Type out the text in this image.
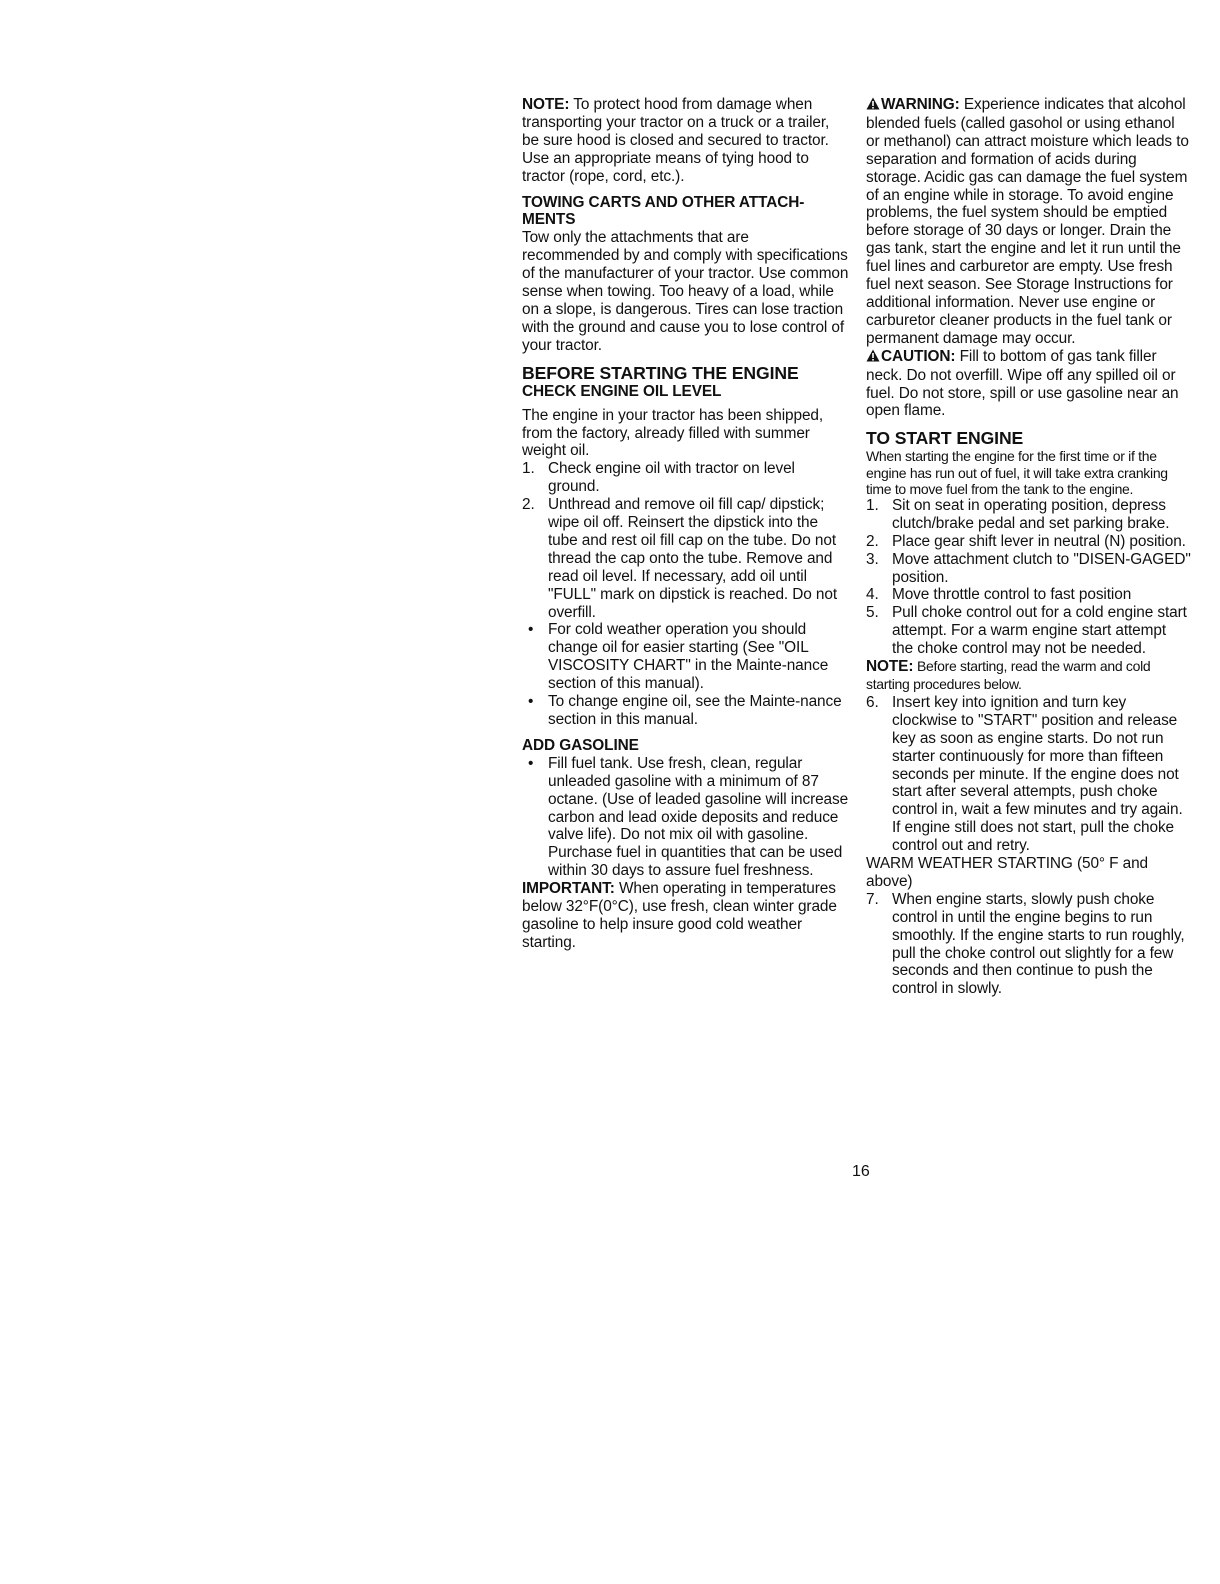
NOTE: To protect hood from damage when transporting your tractor on a truck or a trailer, be sure hood is closed and secured to tractor. Use an appropriate means of tying hood to tractor (rope, cord, etc.).

TOWING CARTS AND OTHER ATTACH-MENTS

Tow only the attachments that are recommended by and comply with specifications of the manufacturer of your tractor. Use common sense when towing. Too heavy of a load, while on a slope, is dangerous. Tires can lose traction with the ground and cause you to lose control of your tractor.

BEFORE STARTING THE ENGINE
CHECK ENGINE OIL LEVEL

The engine in your tractor has been shipped, from the factory, already filled with summer weight oil.

1. Check engine oil with tractor on level ground.
2. Unthread and remove oil fill cap/ dipstick; wipe oil off. Reinsert the dipstick into the tube and rest oil fill cap on the tube. Do not thread the cap onto the tube. Remove and read oil level. If necessary, add oil until "FULL" mark on dipstick is reached. Do not overfill.
• For cold weather operation you should change oil for easier starting (See "OIL VISCOSITY CHART" in the Mainte-nance section of this manual).
• To change engine oil, see the Mainte-nance section in this manual.
ADD GASOLINE
• Fill fuel tank. Use fresh, clean, regular unleaded gasoline with a minimum of 87 octane. (Use of leaded gasoline will increase carbon and lead oxide deposits and reduce valve life). Do not mix oil with gasoline. Purchase fuel in quantities that can be used within 30 days to assure fuel freshness.

IMPORTANT: When operating in temperatures below 32°F(0°C), use fresh, clean winter grade gasoline to help insure good cold weather starting.

WARNING: Experience indicates that alcohol blended fuels (called gasohol or using ethanol or methanol) can attract moisture which leads to separation and formation of acids during storage. Acidic gas can damage the fuel system of an engine while in storage. To avoid engine problems, the fuel system should be emptied before storage of 30 days or longer. Drain the gas tank, start the engine and let it run until the fuel lines and carburetor are empty. Use fresh fuel next season. See Storage Instructions for additional information. Never use engine or carburetor cleaner products in the fuel tank or permanent damage may occur.

CAUTION: Fill to bottom of gas tank filler neck. Do not overfill. Wipe off any spilled oil or fuel. Do not store, spill or use gasoline near an open flame.

TO START ENGINE

When starting the engine for the first time or if the engine has run out of fuel, it will take extra cranking time to move fuel from the tank to the engine.

1. Sit on seat in operating position, depress clutch/brake pedal and set parking brake.
2. Place gear shift lever in neutral (N) position.
3. Move attachment clutch to "DISEN-GAGED" position.
4. Move throttle control to fast position
5. Pull choke control out for a cold engine start attempt. For a warm engine start attempt the choke control may not be needed.

NOTE: Before starting, read the warm and cold starting procedures below.

6. Insert key into ignition and turn key clockwise to "START" position and release key as soon as engine starts. Do not run starter continuously for more than fifteen seconds per minute. If the engine does not start after several attempts, push choke control in, wait a few minutes and try again. If engine still does not start, pull the choke control out and retry.

WARM WEATHER STARTING (50° F and above)

7. When engine starts, slowly push choke control in until the engine begins to run smoothly. If the engine starts to run roughly, pull the choke control out slightly for a few seconds and then continue to push the control in slowly.
16
